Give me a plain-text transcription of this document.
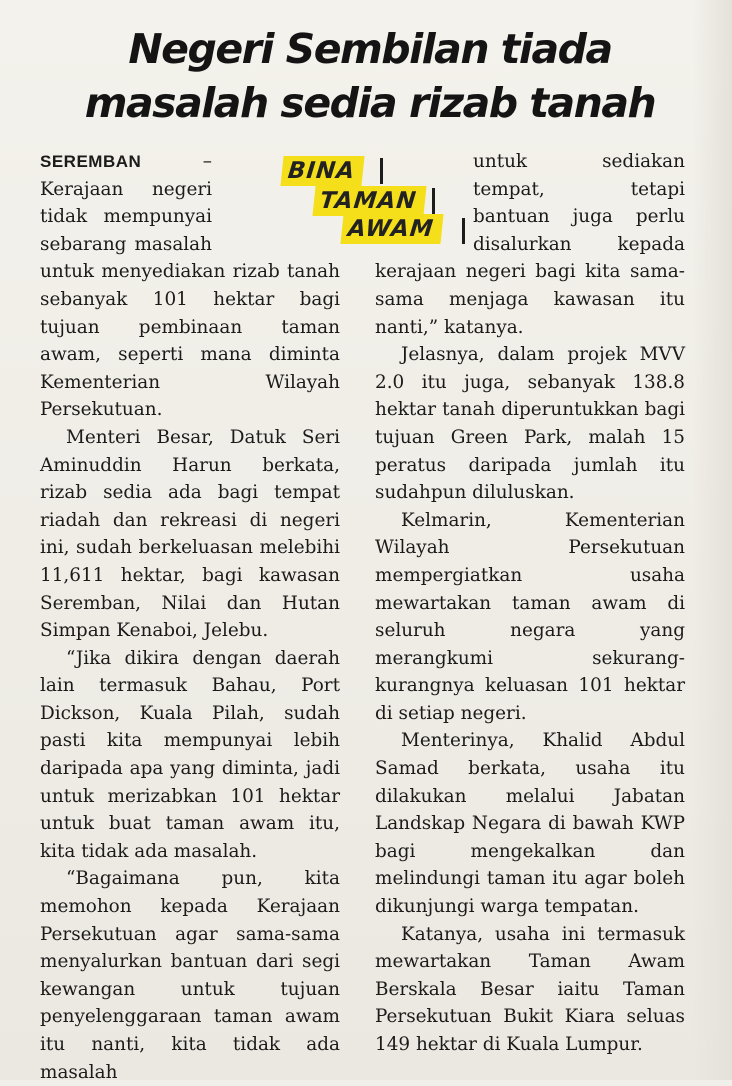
Negeri Sembilan tiada
masalah sedia rizab tanah
BINA
TAMAN
AWAM

SEREMBAN – Kerajaan negeri tidak mempunyai sebarang masalah untuk menyediakan rizab tanah sebanyak 101 hektar bagi tujuan pembinaan taman awam, seperti mana diminta Kementerian Wilayah Persekutuan.

Menteri Besar, Datuk Seri Aminuddin Harun berkata, rizab sedia ada bagi tempat riadah dan rekreasi di negeri ini, sudah berkeluasan melebihi 11,611 hektar, bagi kawasan Seremban, Nilai dan Hutan Simpan Kenaboi, Jelebu.

“Jika dikira dengan daerah lain termasuk Bahau, Port Dickson, Kuala Pilah, sudah pasti kita mempunyai lebih daripada apa yang diminta, jadi untuk merizabkan 101 hektar untuk buat taman awam itu, kita tidak ada masalah.

“Bagaimana pun, kita memohon kepada Kerajaan Persekutuan agar sama-sama menyalurkan bantuan dari segi kewangan untuk tujuan penyelenggaraan taman awam itu nanti, kita tidak ada masalah

untuk sediakan tempat, tetapi bantuan juga perlu disalurkan kepada kerajaan negeri bagi kita sama-sama menjaga kawasan itu nanti,” katanya.

Jelasnya, dalam projek MVV 2.0 itu juga, sebanyak 138.8 hektar tanah diperuntukkan bagi tujuan Green Park, malah 15 peratus daripada jumlah itu sudahpun diluluskan.

Kelmarin, Kementerian Wilayah Persekutuan mempergiatkan usaha mewartakan taman awam di seluruh negara yang merangkumi sekurang-kurangnya keluasan 101 hektar di setiap negeri.

Menterinya, Khalid Abdul Samad berkata, usaha itu dilakukan melalui Jabatan Landskap Negara di bawah KWP bagi mengekalkan dan melindungi taman itu agar boleh dikunjungi warga tempatan.

Katanya, usaha ini termasuk mewartakan Taman Awam Berskala Besar iaitu Taman Persekutuan Bukit Kiara seluas 149 hektar di Kuala Lumpur.
